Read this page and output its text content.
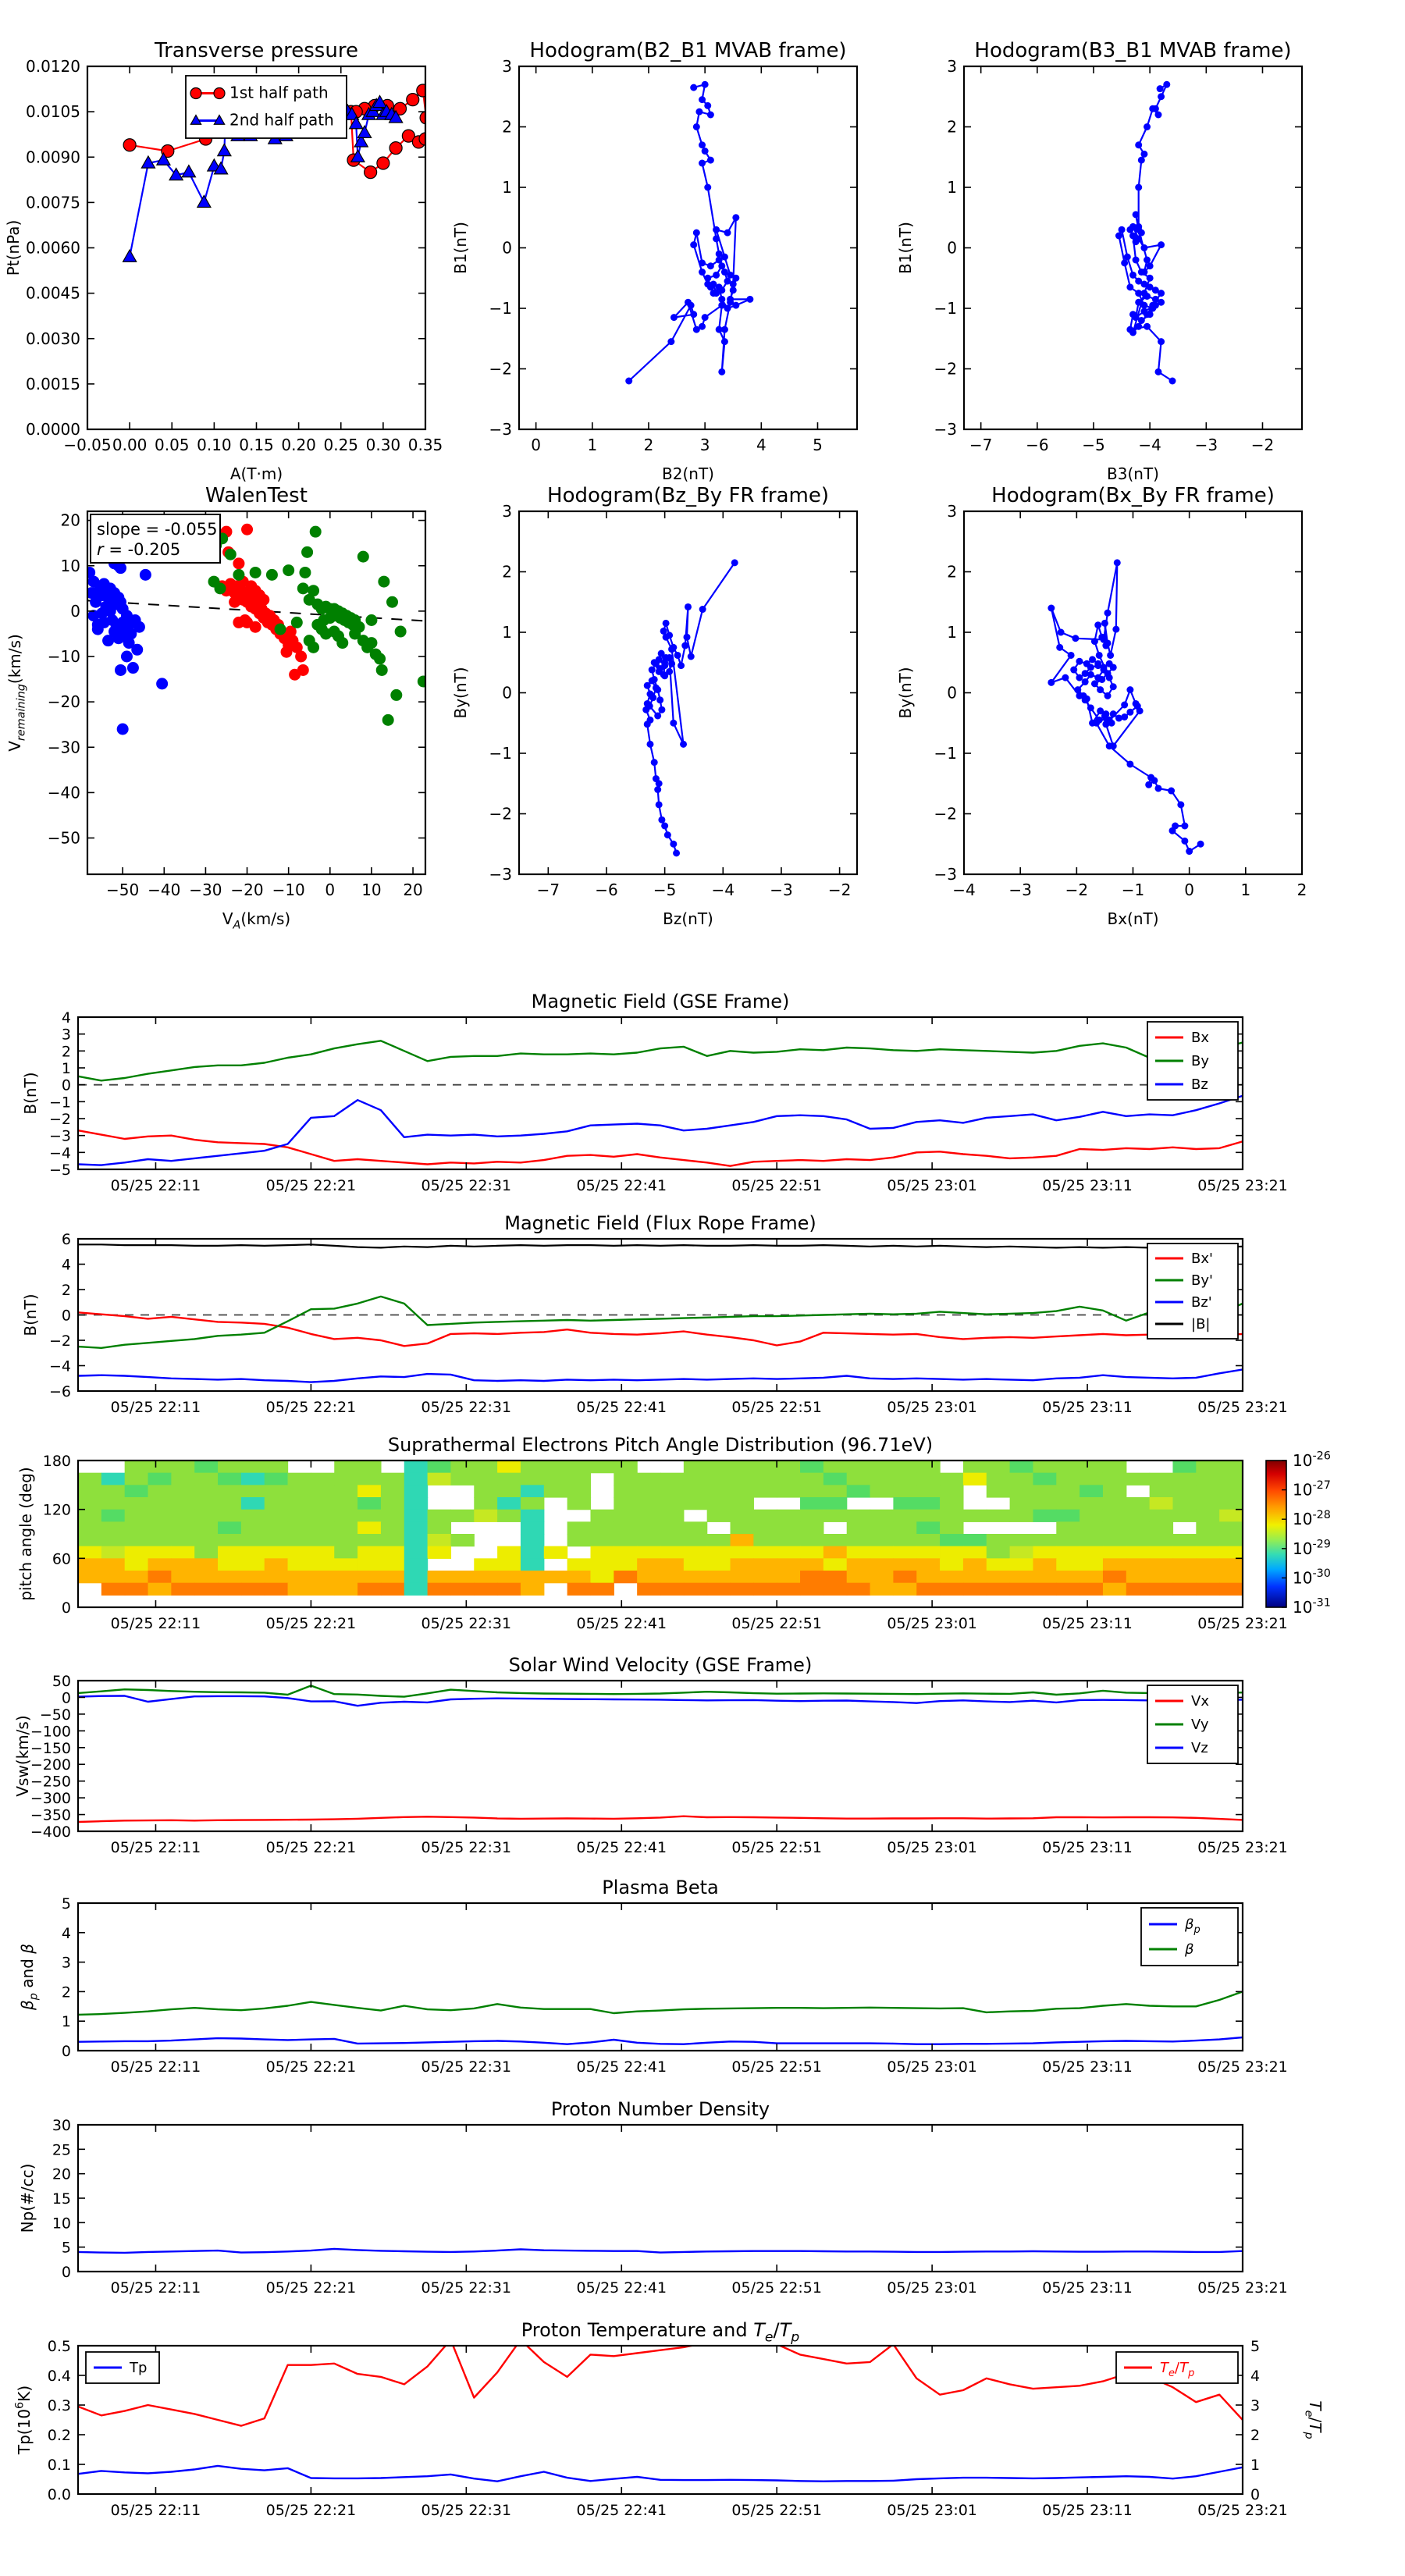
−0.05 0.00 0.05 0.10 0.15 0.20 0.25 0.30 0.35
0.0000
0.0015
0.0030
0.0045
0.0060
0.0075
0.0090
0.0105
0.0120
Transverse pressure
A(T·m)
Pt(nPa)
1st half path
2nd half path
0	1	2	3	4	5
−3
−2
−1
0
1
2
3
Hodogram(B2_B1 MVAB frame)
B2(nT)
B1(nT)
−7 −6 −5 −4 −3 −2
−3
−2
−1
0
1
2
3
Hodogram(B3_B1 MVAB frame)
B3(nT)
B1(nT)
−50 −40 −30 −20 −10 0 10 20
20
10
0
−10
−20
−30
−40
−50
WalenTest
$V_A(km/s)$
$V_{remaining}(km/s)$
slope = -0.055
r = -0.205
−7 −6 −5 −4 −3 −2
−3
−2
−1
0
1
2
3
Hodogram(Bz_By FR frame)
Bz(nT)
By(nT)
−4 −3 −2 −1	0	1	2
−3
−2
−1
0
1
2
3
Hodogram(Bx_By FR frame)
Bx(nT)
By(nT)
05/25 22:11	05/25 22:21	05/25 22:31	05/25 22:41	05/25 22:51	05/25 23:01	05/25 23:11	05/25 23:21
4
3
2
1
0
−1
−2
−3
−4
−5
Magnetic Field (GSE Frame)
B(nT)
Bx
By
Bz
05/25 22:11	05/25 22:21	05/25 22:31	05/25 22:41	05/25 22:51	05/25 23:01	05/25 23:11	05/25 23:21
6
4
2
0
−2
−4
−6
Magnetic Field (Flux Rope Frame)
B(nT)
Bx'
By'
Bz'
|B|
05/25 22:11	05/25 22:21	05/25 22:31	05/25 22:41	05/25 22:51	05/25 23:01	05/25 23:11	05/25 23:21
0
60
120
180
Suprathermal Electrons Pitch Angle Distribution (96.71eV)
pitch angle (deg)
$10^{-26}$
$10^{-27}$
$10^{-28}$
$10^{-29}$
$10^{-30}$
$10^{-31}$
05/25 22:11	05/25 22:21	05/25 22:31	05/25 22:41	05/25 22:51	05/25 23:01	05/25 23:11	05/25 23:21
50
0
−50
−100
−150
−200
−250
−300
−350
−400
Solar Wind Velocity (GSE Frame)
Vsw(km/s)
Vx
Vy
Vz
05/25 22:11	05/25 22:21	05/25 22:31	05/25 22:41	05/25 22:51	05/25 23:01	05/25 23:11	05/25 23:21
0
1
2
3
4
5
Plasma Beta
$\beta_p$ and β
$\beta_p$
β
05/25 22:11	05/25 22:21	05/25 22:31	05/25 22:41	05/25 22:51	05/25 23:01	05/25 23:11	05/25 23:21
0
5
10
15
20
25
30
Proton Number Density
Np(#/cc)
05/25 22:11	05/25 22:21	05/25 22:31	05/25 22:41	05/25 22:51	05/25 23:01	05/25 23:11	05/25 23:21
0.0
0.1
0.2
0.3
0.4
0.5
0
1
2
3
4
5
$T_e/T_p$
Proton Temperature and $T_e/T_p$
$Tp(10^6K)$
Tp	$T_e/T_p$
